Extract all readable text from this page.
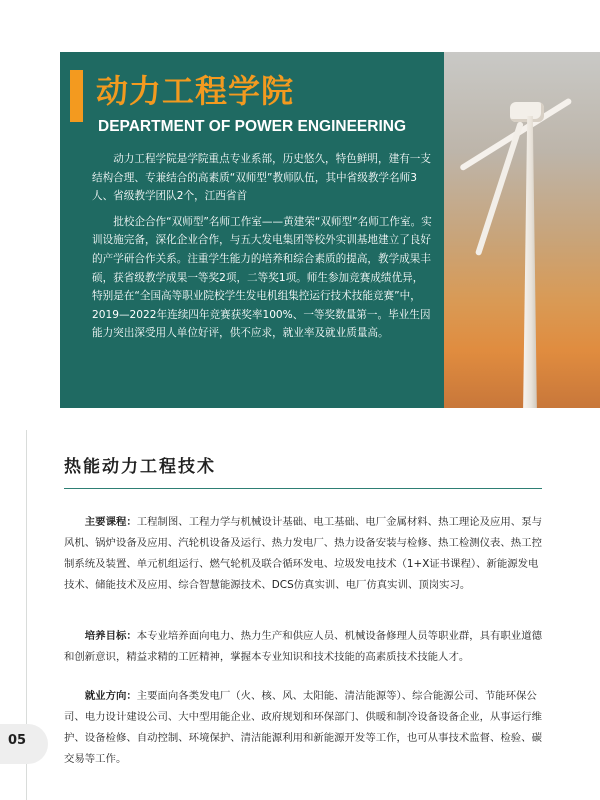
动力工程学院
DEPARTMENT OF POWER ENGINEERING

动力工程学院是学院重点专业系部，历史悠久，特色鲜明，建有一支结构合理、专兼结合的高素质“双师型”教师队伍，其中省级教学名师3人、省级教学团队2个，江西省首

批校企合作“双师型”名师工作室——黄建荣“双师型”名师工作室。实训设施完备，深化企业合作，与五大发电集团等校外实训基地建立了良好的产学研合作关系。注重学生能力的培养和综合素质的提高，教学成果丰硕，获省级教学成果一等奖2项，二等奖1项。师生参加竞赛成绩优异，特别是在“全国高等职业院校学生发电机组集控运行技术技能竞赛”中，2019—2022年连续四年竞赛获奖率100%、一等奖数量第一。毕业生因能力突出深受用人单位好评，供不应求，就业率及就业质量高。

热能动力工程技术

主要课程：工程制图、工程力学与机械设计基础、电工基础、电厂金属材料、热工理论及应用、泵与风机、锅炉设备及应用、汽轮机设备及运行、热力发电厂、热力设备安装与检修、热工检测仪表、热工控制系统及装置、单元机组运行、燃气轮机及联合循环发电、垃圾发电技术（1+X证书课程）、新能源发电技术、储能技术及应用、综合智慧能源技术、DCS仿真实训、电厂仿真实训、顶岗实习。

培养目标：本专业培养面向电力、热力生产和供应人员、机械设备修理人员等职业群，具有职业道德和创新意识，精益求精的工匠精神，掌握本专业知识和技术技能的高素质技术技能人才。

就业方向：主要面向各类发电厂（火、核、风、太阳能、清洁能源等）、综合能源公司、节能环保公司、电力设计建设公司、大中型用能企业、政府规划和环保部门、供暖和制冷设备设备企业，从事运行维护、设备检修、自动控制、环境保护、清洁能源利用和新能源开发等工作，也可从事技术监督、检验、碳交易等工作。

05
